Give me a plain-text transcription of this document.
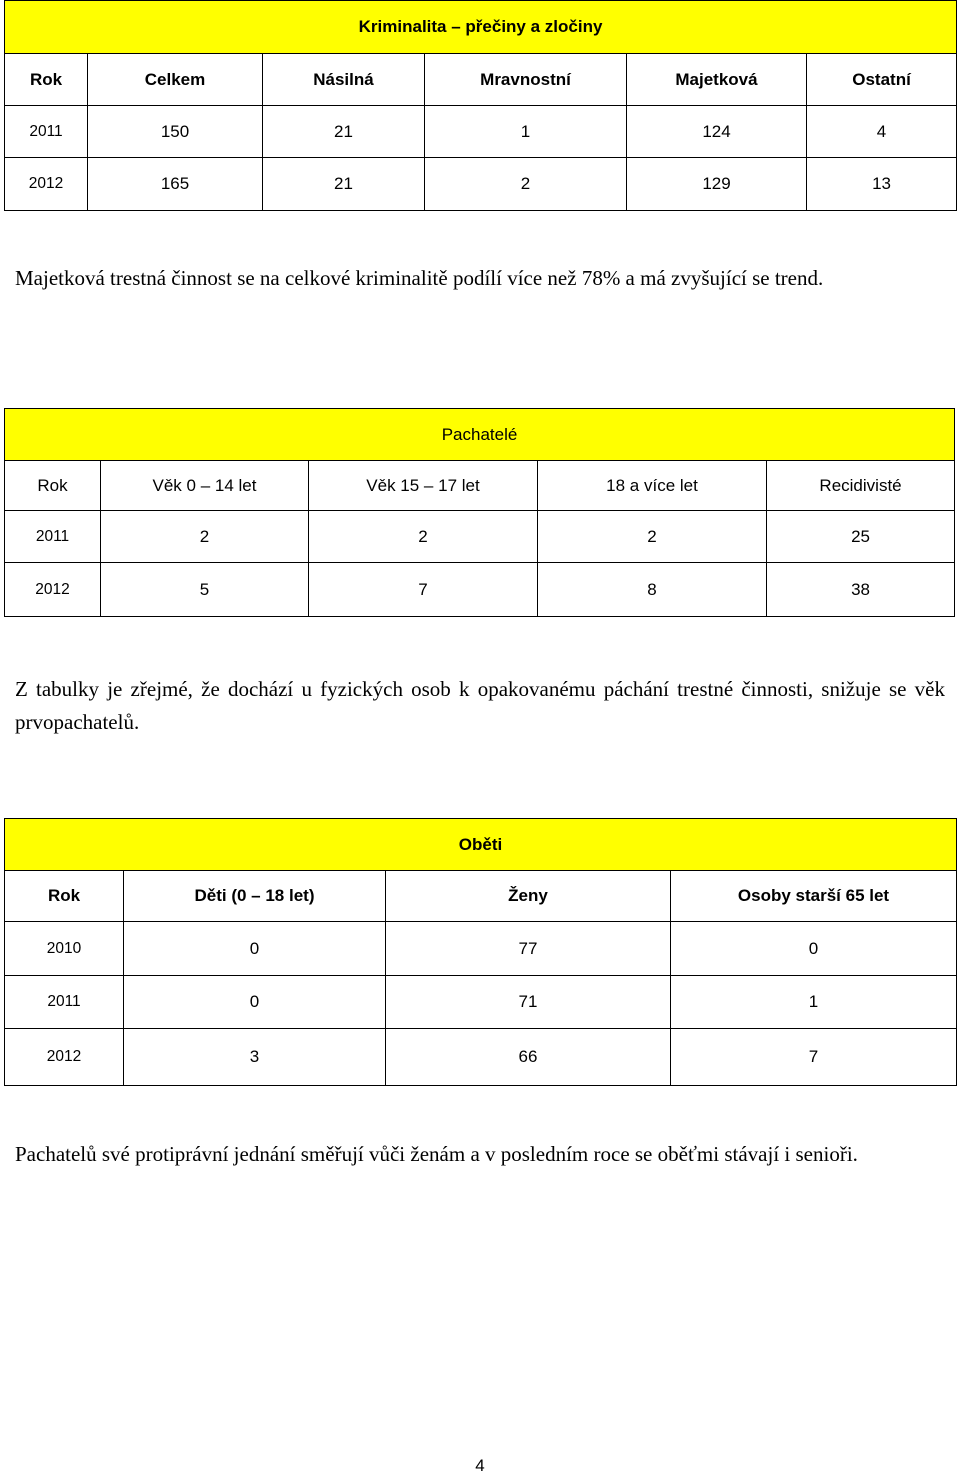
Kriminalita – přečiny a zločiny					
Rok	Celkem	Násilná	Mravnostní	Majetková	Ostatní
2011	150	21	1	124	4
2012	165	21	2	129	13

Majetková trestná činnost se na celkové kriminalitě podílí více než 78% a má zvyšující se trend.

Pachatelé				
Rok	Věk 0 – 14 let	Věk 15 – 17 let	18 a více let	Recidivisté
2011	2	2	2	25
2012	5	7	8	38

Z tabulky je zřejmé, že dochází u fyzických osob k opakovanému páchání trestné činnosti, snižuje se věk prvopachatelů.

Oběti			
Rok	Děti (0 – 18 let)	Ženy	Osoby starší 65 let
2010	0	77	0
2011	0	71	1
2012	3	66	7

Pachatelů své protiprávní jednání směřují vůči ženám a v posledním roce se oběťmi stávají i senioři.

4
